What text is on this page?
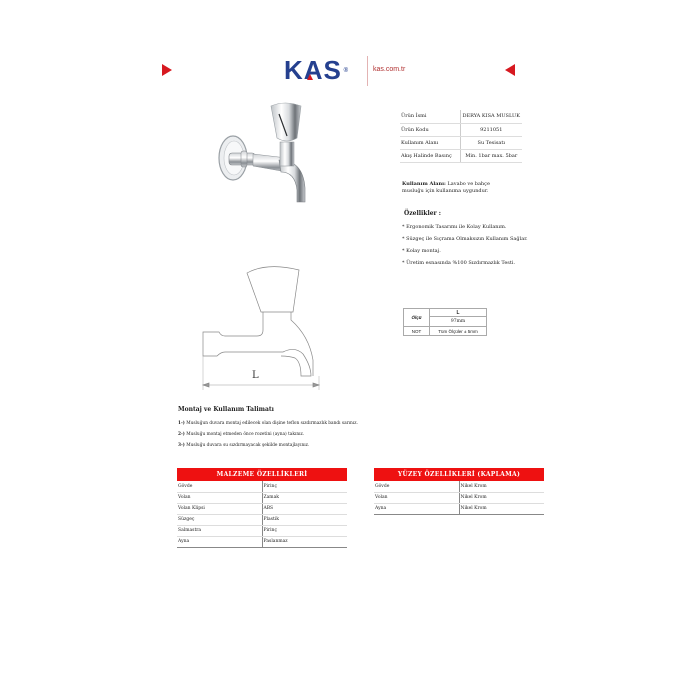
KAS ®	kas.com.tr
Ürün İsmi	DERYA KISA MUSLUK
Ürün Kodu	9211051
Kullanım Alanı	Su Tesisatı
Akış Halinde Basınç	Min. 1bar max. 5bar
Kullanım Alanı: Lavabo ve bahçe musluğu için kullanıma uygundur.
Özellikler :
* Ergonomik Tasarımı ile Kolay Kullanım.
* Süzgeç ile Sıçrama Olmaksızın Kullanım Sağlar.
* Kolay montaj.
* Üretim esnasında %100 Sızdırmazlık Testi.
Ölçü	L
	97mm
NOT	Tüm Ölçüler ± 5mm
L
Montaj ve Kullanım Talimatı
1-) Musluğun duvara montaj edilecek olan dişine teflon sızdırmazlık bandı sarınız.
2-) Musluğu montaj etmeden önce rozetini (ayna) takınız.
3-) Musluğu duvara su sızdırmayacak şekilde montajlayınız.
MALZEME ÖZELLİKLERİ	
Gövde	Pirinç
Volan	Zamak
Volan Klipsi	ABS
Süzgeç	Plastik
Salmastra	Pirinç
Ayna	Paslanmaz
YÜZEY ÖZELLİKLERİ (KAPLAMA)	
Gövde	Nikel Krom
Volan	Nikel Krom
Ayna	Nikel Krom
